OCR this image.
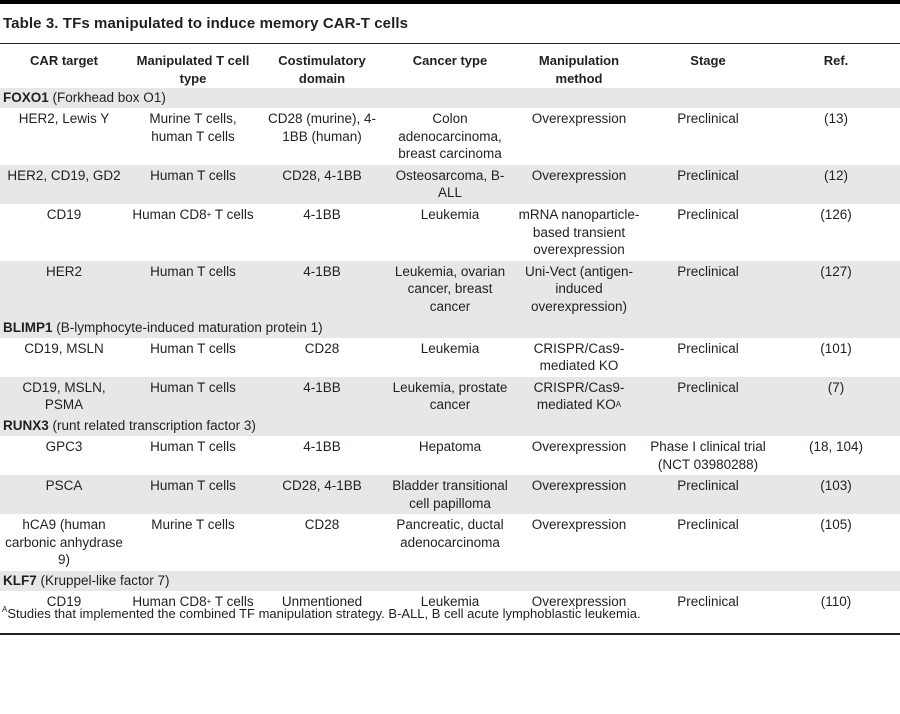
Table 3. TFs manipulated to induce memory CAR-T cells
CAR target	Manipulated T cell type	Costimulatory domain	Cancer type	Manipulation method	Stage	Ref.
FOXO1 (Forkhead box O1)						
HER2, Lewis Y	Murine T cells, human T cells	CD28 (murine), 4-1BB (human)	Colon adenocarcinoma, breast carcinoma	Overexpression	Preclinical	(13)
HER2, CD19, GD2	Human T cells	CD28, 4-1BB	Osteosarcoma, B-ALL	Overexpression	Preclinical	(12)
CD19	Human CD8+ T cells	4-1BB	Leukemia	mRNA nanoparticle-based transient overexpression	Preclinical	(126)
HER2	Human T cells	4-1BB	Leukemia, ovarian cancer, breast cancer	Uni-Vect (antigen-induced overexpression)	Preclinical	(127)
BLIMP1 (B-lymphocyte-induced maturation protein 1)						
CD19, MSLN	Human T cells	CD28	Leukemia	CRISPR/Cas9-mediated KO	Preclinical	(101)
CD19, MSLN, PSMA	Human T cells	4-1BB	Leukemia, prostate cancer	CRISPR/Cas9-mediated $KO^A$	Preclinical	(7)
RUNX3 (runt related transcription factor 3)						
GPC3	Human T cells	4-1BB	Hepatoma	Overexpression	Phase I clinical trial (NCT 03980288)	(18, 104)
PSCA	Human T cells	CD28, 4-1BB	Bladder transitional cell papilloma	Overexpression	Preclinical	(103)
hCA9 (human carbonic anhydrase 9)	Murine T cells	CD28	Pancreatic, ductal adenocarcinoma	Overexpression	Preclinical	(105)
KLF7 (Kruppel-like factor 7)						
CD19	Human CD8+ T cells	Unmentioned	Leukemia	Overexpression	Preclinical	(110)
$^A$Studies that implemented the combined TF manipulation strategy. B-ALL, B cell acute lymphoblastic leukemia.
